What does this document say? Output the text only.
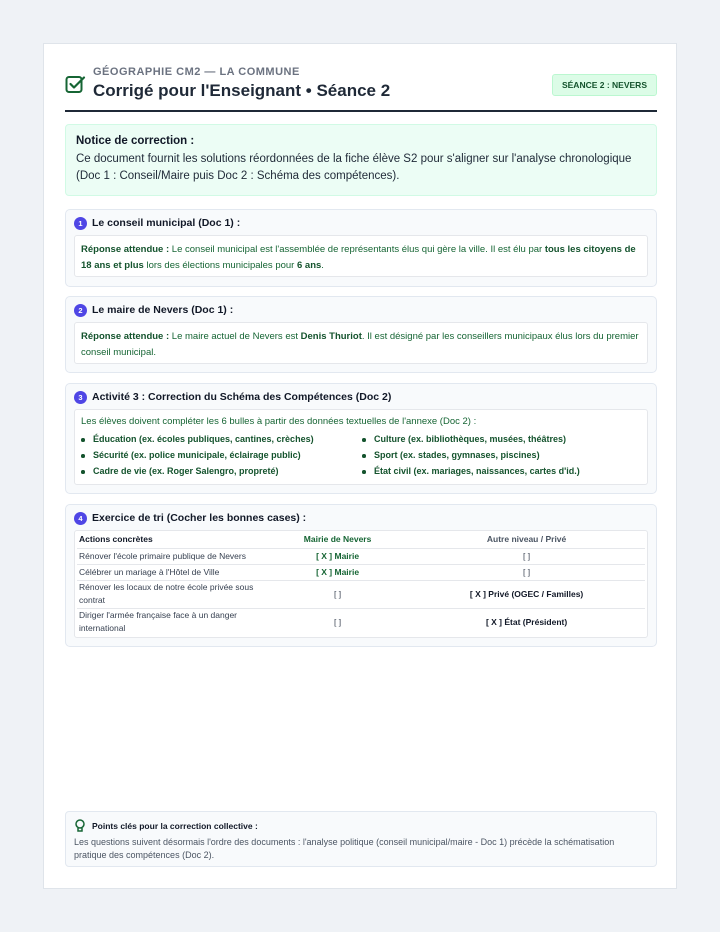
GÉOGRAPHIE CM2 — LA COMMUNE
Corrigé pour l'Enseignant • Séance 2	SÉANCE 2 : NEVERS
Notice de correction :
Ce document fournit les solutions réordonnées de la fiche élève S2 pour s'aligner sur l'analyse chronologique
(Doc 1 : Conseil/Maire puis Doc 2 : Schéma des compétences).
1 Le conseil municipal (Doc 1) :
Réponse attendue : Le conseil municipal est l'assemblée de représentants élus qui gère la ville. Il est élu par tous les citoyens de 18 ans et plus lors des élections municipales pour 6 ans.
2 Le maire de Nevers (Doc 1) :
Réponse attendue : Le maire actuel de Nevers est Denis Thuriot. Il est désigné par les conseillers municipaux élus lors du premier conseil municipal.
3 Activité 3 : Correction du Schéma des Compétences (Doc 2)
Les élèves doivent compléter les 6 bulles à partir des données textuelles de l'annexe (Doc 2) :
Éducation (ex. écoles publiques, cantines, crèches)	Culture (ex. bibliothèques, musées, théâtres)
Sécurité (ex. police municipale, éclairage public)	Sport (ex. stades, gymnases, piscines)
Cadre de vie (ex. Roger Salengro, propreté)	État civil (ex. mariages, naissances, cartes d'id.)
4 Exercice de tri (Cocher les bonnes cases) :
Actions concrètes	Mairie de Nevers	Autre niveau / Privé
Rénover l'école primaire publique de Nevers	[ X ] Mairie	[ ]
Célébrer un mariage à l'Hôtel de Ville	[ X ] Mairie	[ ]
Rénover les locaux de notre école privée sous contrat	[ ]	[ X ] Privé (OGEC / Familles)
Diriger l'armée française face à un danger international	[ ]	[ X ] État (Président)
Points clés pour la correction collective :
Les questions suivent désormais l'ordre des documents : l'analyse politique (conseil municipal/maire - Doc 1) précède la schématisation pratique des compétences (Doc 2).
